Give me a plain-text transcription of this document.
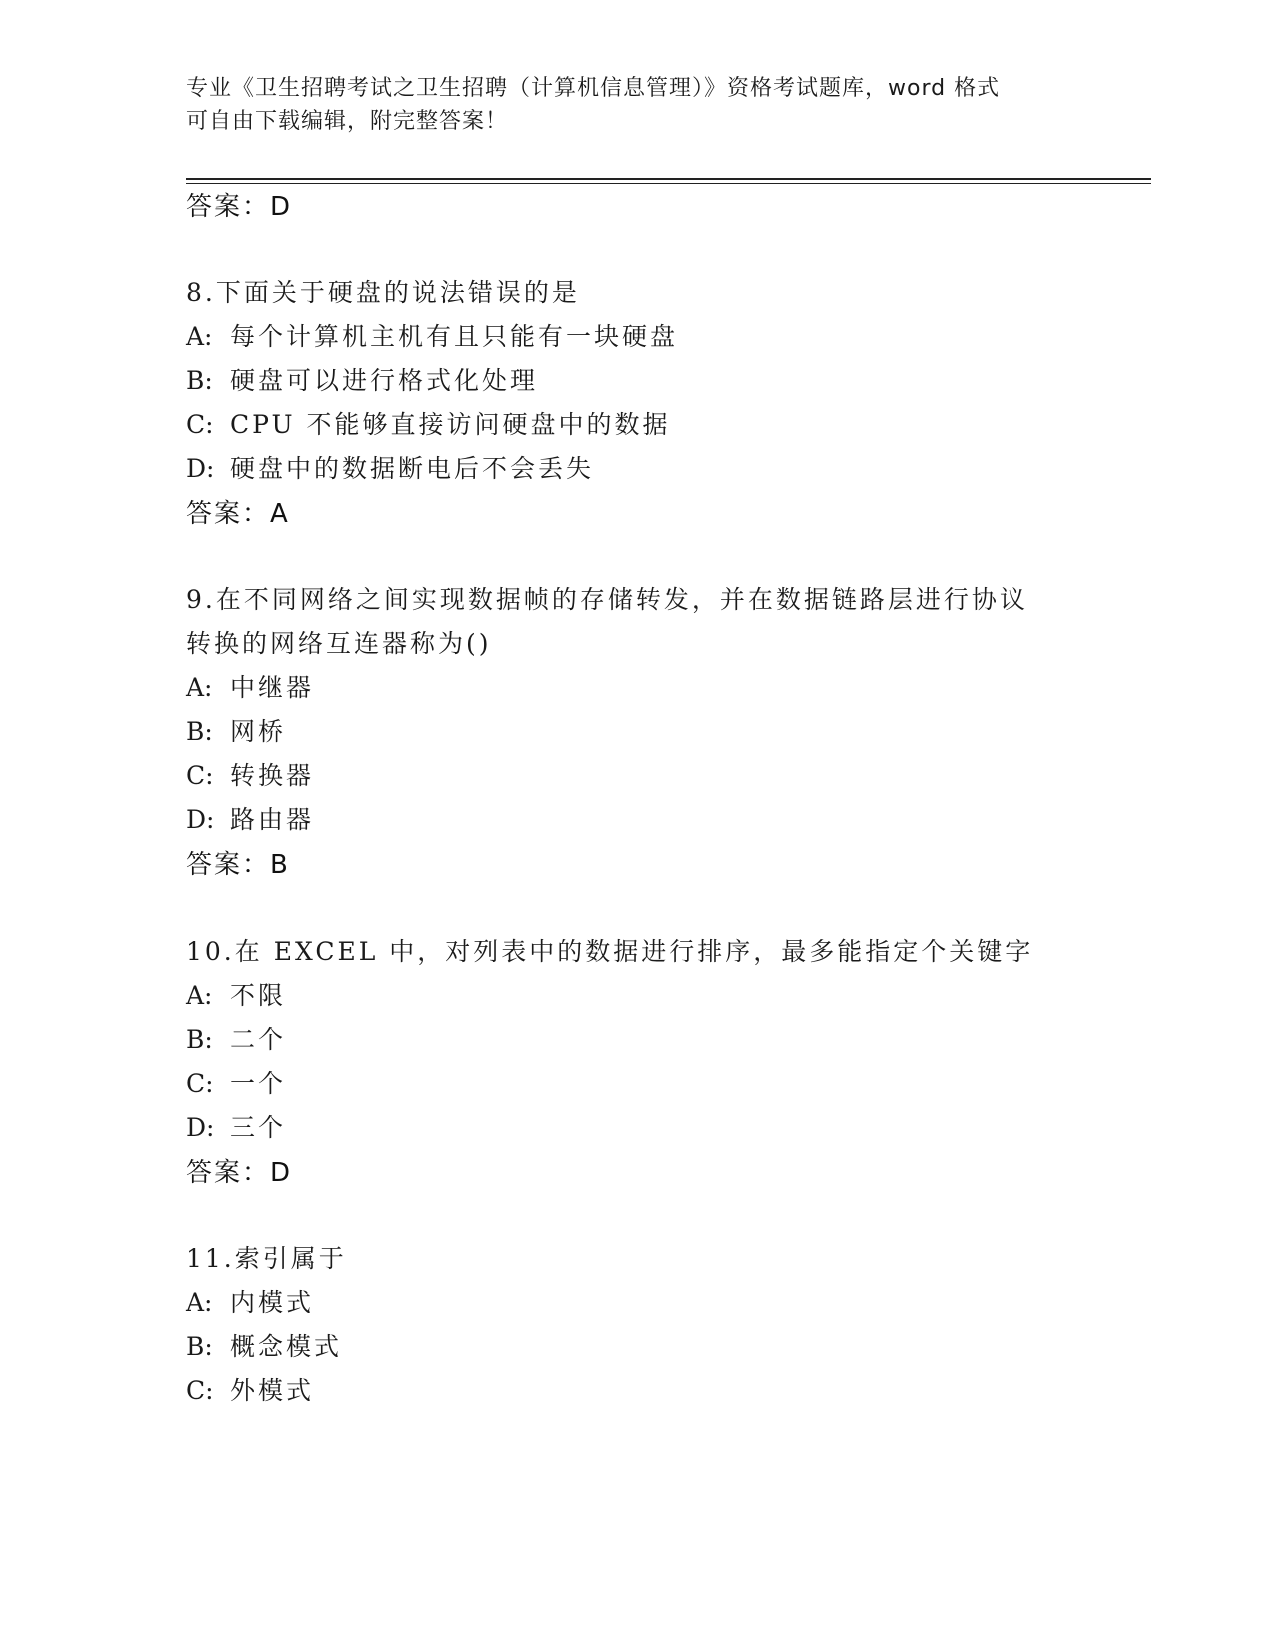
专业《卫生招聘考试之卫生招聘（计算机信息管理）》资格考试题库，word 格式
可自由下载编辑，附完整答案！
答案：D
8.下面关于硬盘的说法错误的是
A: 每个计算机主机有且只能有一块硬盘
B: 硬盘可以进行格式化处理
C: CPU 不能够直接访问硬盘中的数据
D: 硬盘中的数据断电后不会丢失
答案：A
9.在不同网络之间实现数据帧的存储转发，并在数据链路层进行协议
转换的网络互连器称为()
A: 中继器
B: 网桥
C: 转换器
D: 路由器
答案：B
10.在 EXCEL 中，对列表中的数据进行排序，最多能指定个关键字
A: 不限
B: 二个
C: 一个
D: 三个
答案：D
11.索引属于
A: 内模式
B: 概念模式
C: 外模式
